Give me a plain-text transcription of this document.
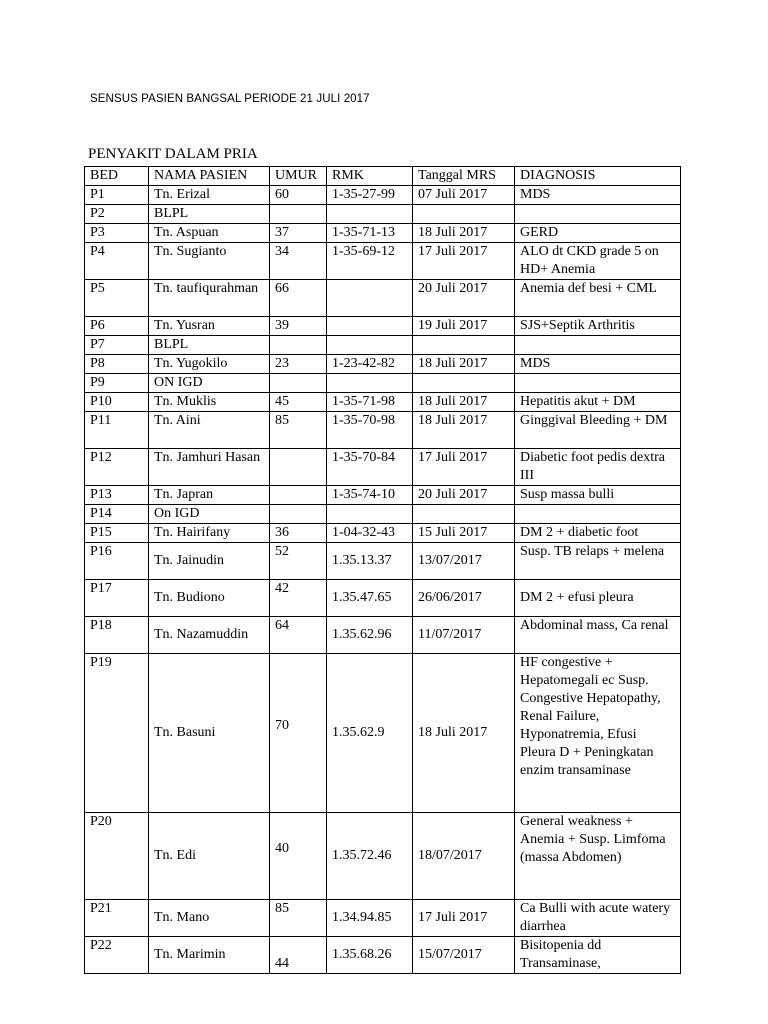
SENSUS PASIEN BANGSAL PERIODE 21 JULI 2017
PENYAKIT DALAM PRIA
BED	NAMA PASIEN	UMUR	RMK	Tanggal MRS	DIAGNOSIS
P1	Tn. Erizal	60	1-35-27-99	07 Juli 2017	MDS
P2	BLPL				
P3	Tn. Aspuan	37	1-35-71-13	18 Juli 2017	GERD
P4	Tn. Sugianto	34	1-35-69-12	17 Juli 2017	ALO dt CKD grade 5 on HD+ Anemia
P5	Tn. taufiqurahman	66		20 Juli 2017	Anemia def besi + CML
P6	Tn. Yusran	39		19 Juli 2017	SJS+Septik Arthritis
P7	BLPL				
P8	Tn. Yugokilo	23	1-23-42-82	18 Juli 2017	MDS
P9	ON IGD				
P10	Tn. Muklis	45	1-35-71-98	18 Juli 2017	Hepatitis akut + DM
P11	Tn. Aini	85	1-35-70-98	18 Juli 2017	Ginggival Bleeding + DM
P12	Tn. Jamhuri Hasan		1-35-70-84	17 Juli 2017	Diabetic foot pedis dextra III
P13	Tn. Japran		1-35-74-10	20 Juli 2017	Susp massa bulli
P14	On IGD				
P15	Tn. Hairifany	36	1-04-32-43	15 Juli 2017	DM 2 + diabetic foot
P16	Tn. Jainudin	52	1.35.13.37	13/07/2017	Susp. TB relaps + melena
P17	Tn. Budiono	42	1.35.47.65	26/06/2017	DM 2 + efusi pleura
P18	Tn. Nazamuddin	64	1.35.62.96	11/07/2017	Abdominal mass, Ca renal
P19	Tn. Basuni	70	1.35.62.9	18 Juli 2017	HF congestive + Hepatomegali ec Susp. Congestive Hepatopathy, Renal Failure, Hyponatremia, Efusi Pleura D + Peningkatan enzim transaminase
P20	Tn. Edi	40	1.35.72.46	18/07/2017	General weakness + Anemia + Susp. Limfoma (massa Abdomen)
P21	Tn. Mano	85	1.34.94.85	17 Juli 2017	Ca Bulli with acute watery diarrhea
P22	Tn. Marimin	44	1.35.68.26	15/07/2017	Bisitopenia dd Transaminase,
